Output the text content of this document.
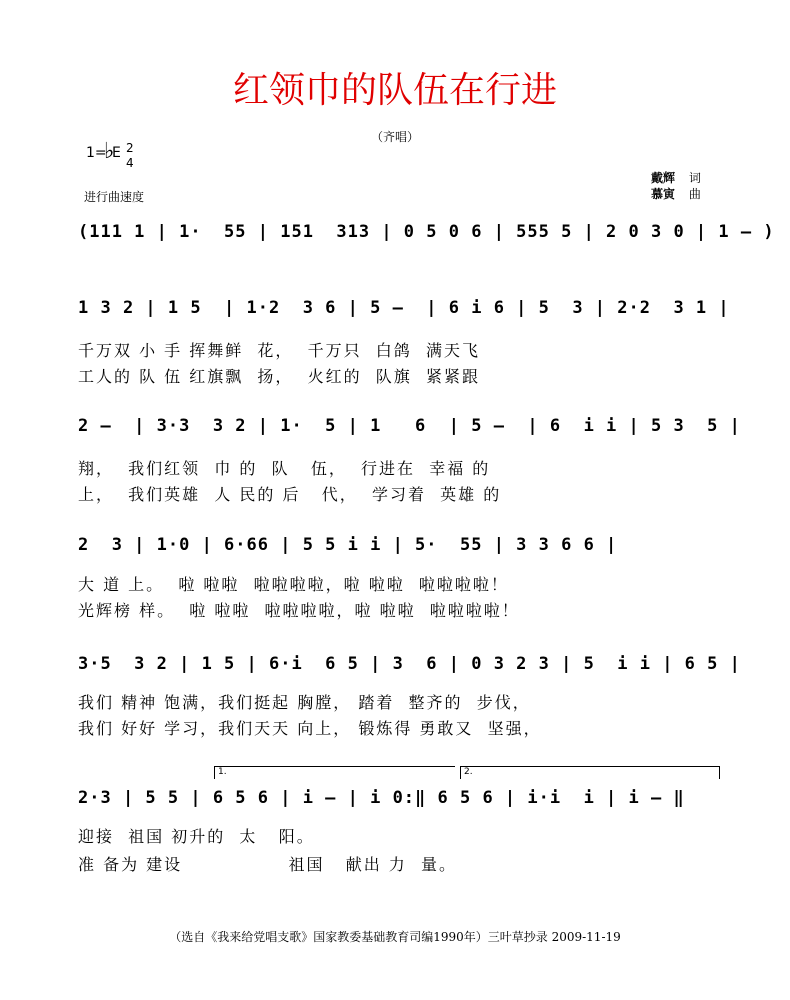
红领巾的队伍在行进
（齐唱）
1=
♭
E 2
4
进行曲速度
戴辉 词
慕寅 曲
(111 1 | 1·  55 | 151  313 | 0 5 0 6 | 555 5 | 2 0 3 0 | 1 – )
1 3 2 | 1 5  | 1·2  3 6 | 5 –  | 6 i 6 | 5  3 | 2·2  3 1 |
千万双 小 手 挥舞鲜  花，  千万只  白鸽  满天飞
工人的 队 伍 红旗飘  扬，  火红的  队旗  紧紧跟
2 –  | 3·3  3 2 | 1·  5 | 1   6  | 5 –  | 6  i i | 5 3  5 |
翔，  我们红领  巾 的  队   伍，  行进在  幸福 的
上，  我们英雄  人 民的 后   代，  学习着  英雄 的
2  3 | 1·0 | 6·66 | 5 5 i i | 5·  55 | 3 3 6 6 |
大 道 上。  啦 啦啦  啦啦啦啦，啦 啦啦  啦啦啦啦！
光辉榜 样。  啦 啦啦  啦啦啦啦，啦 啦啦  啦啦啦啦！
3·5  3 2 | 1 5 | 6·i  6 5 | 3  6 | 0 3 2 3 | 5  i i | 6 5 |
我们 精神 饱满，我们挺起 胸膛， 踏着  整齐的  步伐，
我们 好好 学习，我们天天 向上， 锻炼得 勇敢又  坚强，
1.	2.
2·3 | 5 5 | 6 5 6 | i – | i 0:‖ 6 5 6 | i·i  i | i – ‖
迎接  祖国 初升的  太   阳。
准 备为 建设               祖国   献出 力  量。
（选自《我来给党唱支歌》国家教委基础教育司编1990年）三叶草抄录 2009-11-19
